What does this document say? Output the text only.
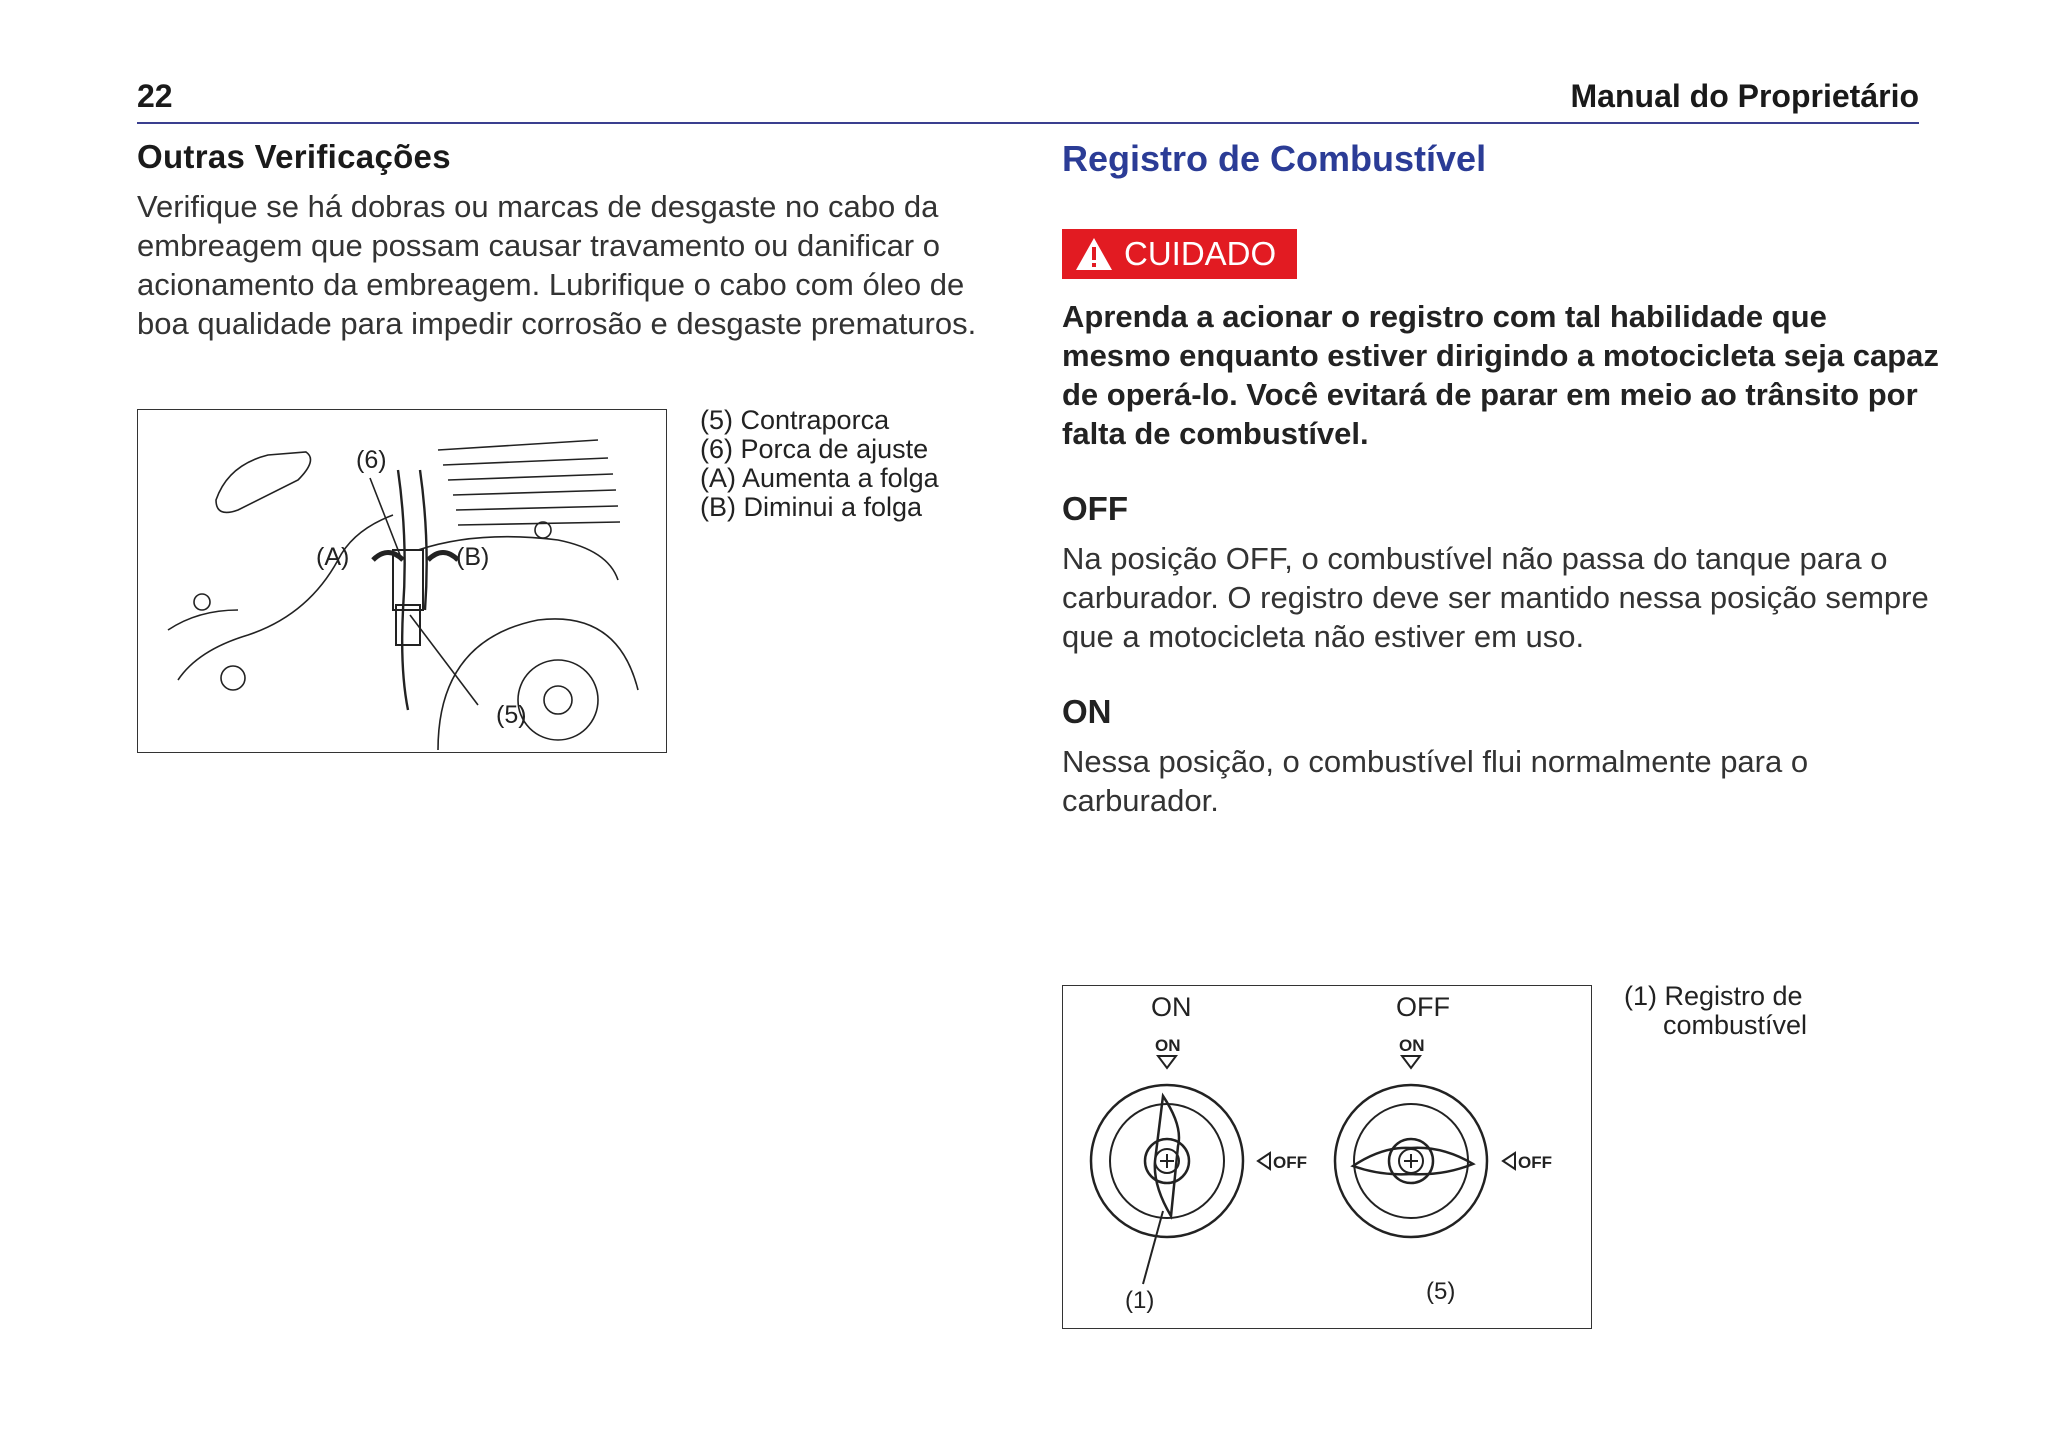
22	Manual do Proprietário
Outras Verificações
Verifique se há dobras ou marcas de desgaste no cabo da embreagem que possam causar travamento ou danificar o acionamento da embreagem. Lubrifique o cabo com óleo de boa qualidade para impedir corrosão e desgaste prematuros.
(6)
(A)	(B)
(5)
(5) Contraporca
(6) Porca de ajuste
(A) Aumenta a folga
(B) Diminui a folga
Registro de Combustível
CUIDADO
Aprenda a acionar o registro com tal habilidade que mesmo enquanto estiver dirigindo a motocicleta seja capaz de operá-lo. Você evitará de parar em meio ao trânsito por falta de combustível.
OFF
Na posição OFF, o combustível não passa do tanque para o carburador. O registro deve ser mantido nessa posição sempre que a motocicleta não estiver em uso.
ON
Nessa posição, o combustível flui normalmente para o carburador.
ON	OFF
ON
OFF
ON
OFF
(1)	(5)
(1) Registro de
combustível
